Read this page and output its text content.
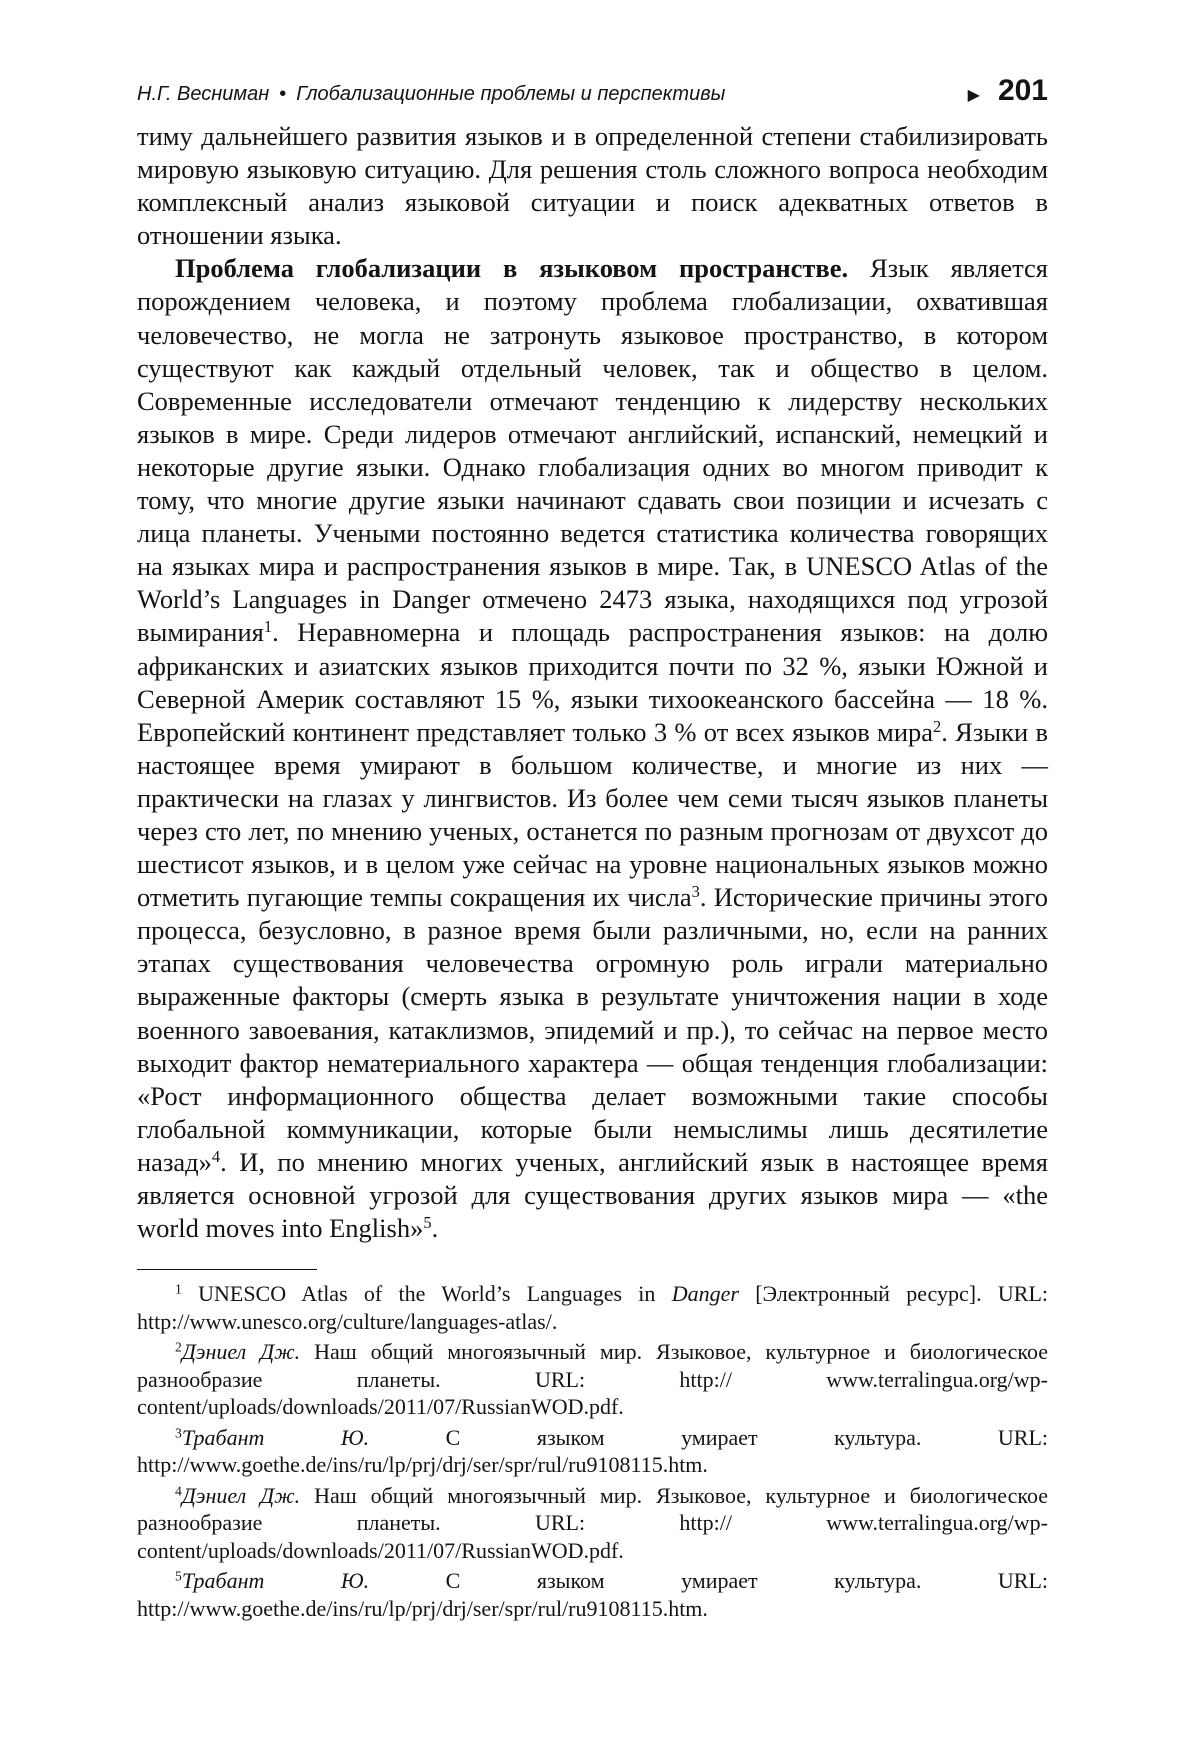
Н.Г. Весниман • Глобализационные проблемы и перспективы	▶ 201

тиму дальнейшего развития языков и в определенной степени стабилизировать мировую языковую ситуацию. Для решения столь сложного вопроса необходим комплексный анализ языковой ситуации и поиск адекватных ответов в отношении языка.

Проблема глобализации в языковом пространстве. Язык является порождением человека, и поэтому проблема глобализации, охватившая человечество, не могла не затронуть языковое пространство, в котором существуют как каждый отдельный человек, так и общество в целом. Современные исследователи отмечают тенденцию к лидерству нескольких языков в мире. Среди лидеров отмечают английский, испанский, немецкий и некоторые другие языки. Однако глобализация одних во многом приводит к тому, что многие другие языки начинают сдавать свои позиции и исчезать с лица планеты. Учеными постоянно ведется статистика количества говорящих на языках мира и распространения языков в мире. Так, в UNESCO Atlas of the World’s Languages in Danger отмечено 2473 языка, находящихся под угрозой вымирания$^1$. Неравномерна и площадь распространения языков: на долю африканских и азиатских языков приходится почти по 32 %, языки Южной и Северной Америк составляют 15 %, языки тихоокеанского бассейна — 18 %. Европейский континент представляет только 3 % от всех языков мира$^2$. Языки в настоящее время умирают в большом количестве, и многие из них — практически на глазах у лингвистов. Из более чем семи тысяч языков планеты через сто лет, по мнению ученых, останется по разным прогнозам от двухсот до шестисот языков, и в целом уже сейчас на уровне национальных языков можно отметить пугающие темпы сокращения их числа$^3$. Исторические причины этого процесса, безусловно, в разное время были различными, но, если на ранних этапах существования человечества огромную роль играли материально выраженные факторы (смерть языка в результате уничтожения нации в ходе военного завоевания, катаклизмов, эпидемий и пр.), то сейчас на первое место выходит фактор нематериального характера — общая тенденция глобализации: «Рост информационного общества делает возможными такие способы глобальной коммуникации, которые были немыслимы лишь десятилетие назад»$^4$. И, по мнению многих ученых, английский язык в настоящее время является основной угрозой для существования других языков мира — «the world moves into English»$^5$.

$^1$ UNESCO Atlas of the World’s Languages in Danger [Электронный ресурс]. URL: http://www.unesco.org/culture/languages-atlas/.

$^2$Дэниел Дж. Наш общий многоязычный мир. Языковое, культурное и биологическое разнообразие планеты. URL: http:// www.terralingua.org/wp-content/uploads/downloads/2011/07/RussianWOD.pdf.

$^3$Трабант Ю. С языком умирает культура. URL: http://www.goethe.de/ins/ru/lp/prj/drj/ser/spr/rul/ru9108115.htm.

$^4$Дэниел Дж. Наш общий многоязычный мир. Языковое, культурное и биологическое разнообразие планеты. URL: http:// www.terralingua.org/wp-content/uploads/downloads/2011/07/RussianWOD.pdf.

$^5$Трабант Ю. С языком умирает культура. URL: http://www.goethe.de/ins/ru/lp/prj/drj/ser/spr/rul/ru9108115.htm.
